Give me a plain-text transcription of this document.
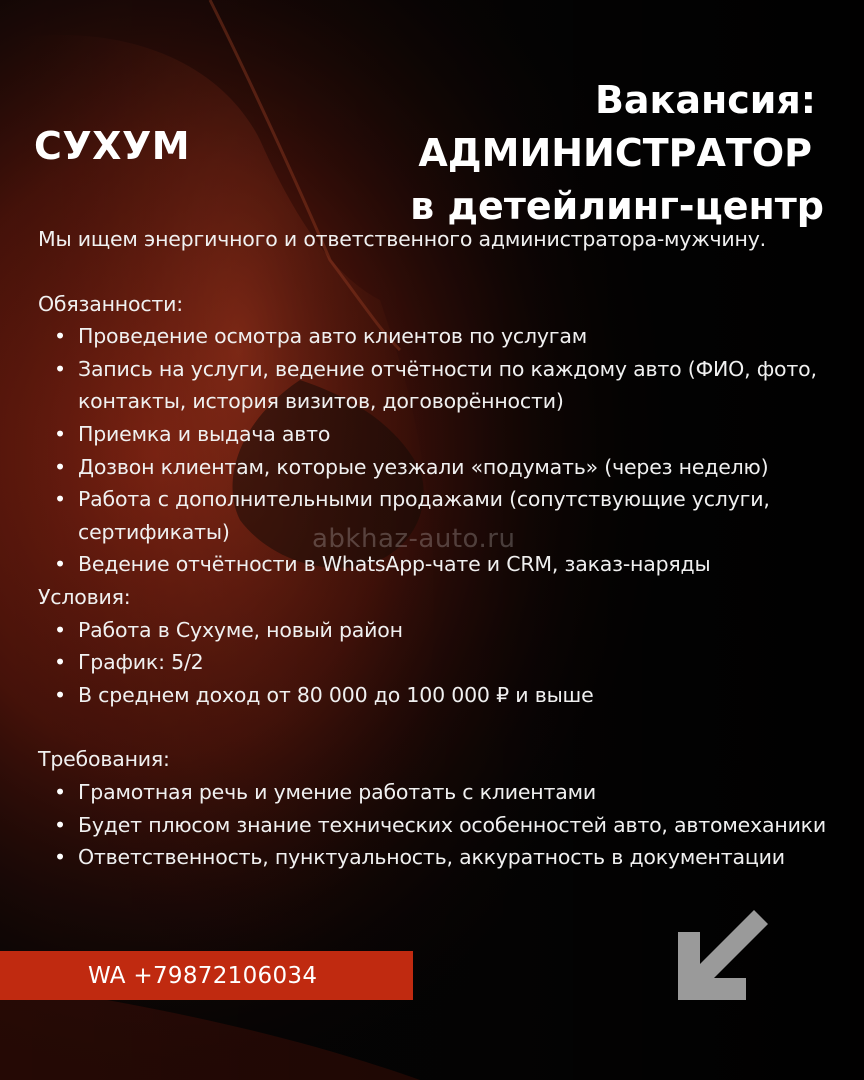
СУХУМ
Вакансия:
АДМИНИСТРАТОР
в детейлинг-центр

Мы ищем энергичного и ответственного администратора-мужчину.

Обязанности:

• Проведение осмотра авто клиентов по услугам
• Запись на услуги, ведение отчётности по каждому авто (ФИО, фото, контакты, история визитов, договорённости)
• Приемка и выдача авто
• Дозвон клиентам, которые уезжали «подумать» (через неделю)
• Работа с дополнительными продажами (сопутствующие услуги, сертификаты)
• Ведение отчётности в WhatsApp-чате и CRM, заказ-наряды

Условия:

• Работа в Сухуме, новый район
• График: 5/2
• В среднем доход от 80 000 до 100 000 ₽ и выше

Требования:

• Грамотная речь и умение работать с клиентами
• Будет плюсом знание технических особенностей авто, автомеханики
• Ответственность, пунктуальность, аккуратность в документации
abkhaz-auto.ru
WA +79872106034
